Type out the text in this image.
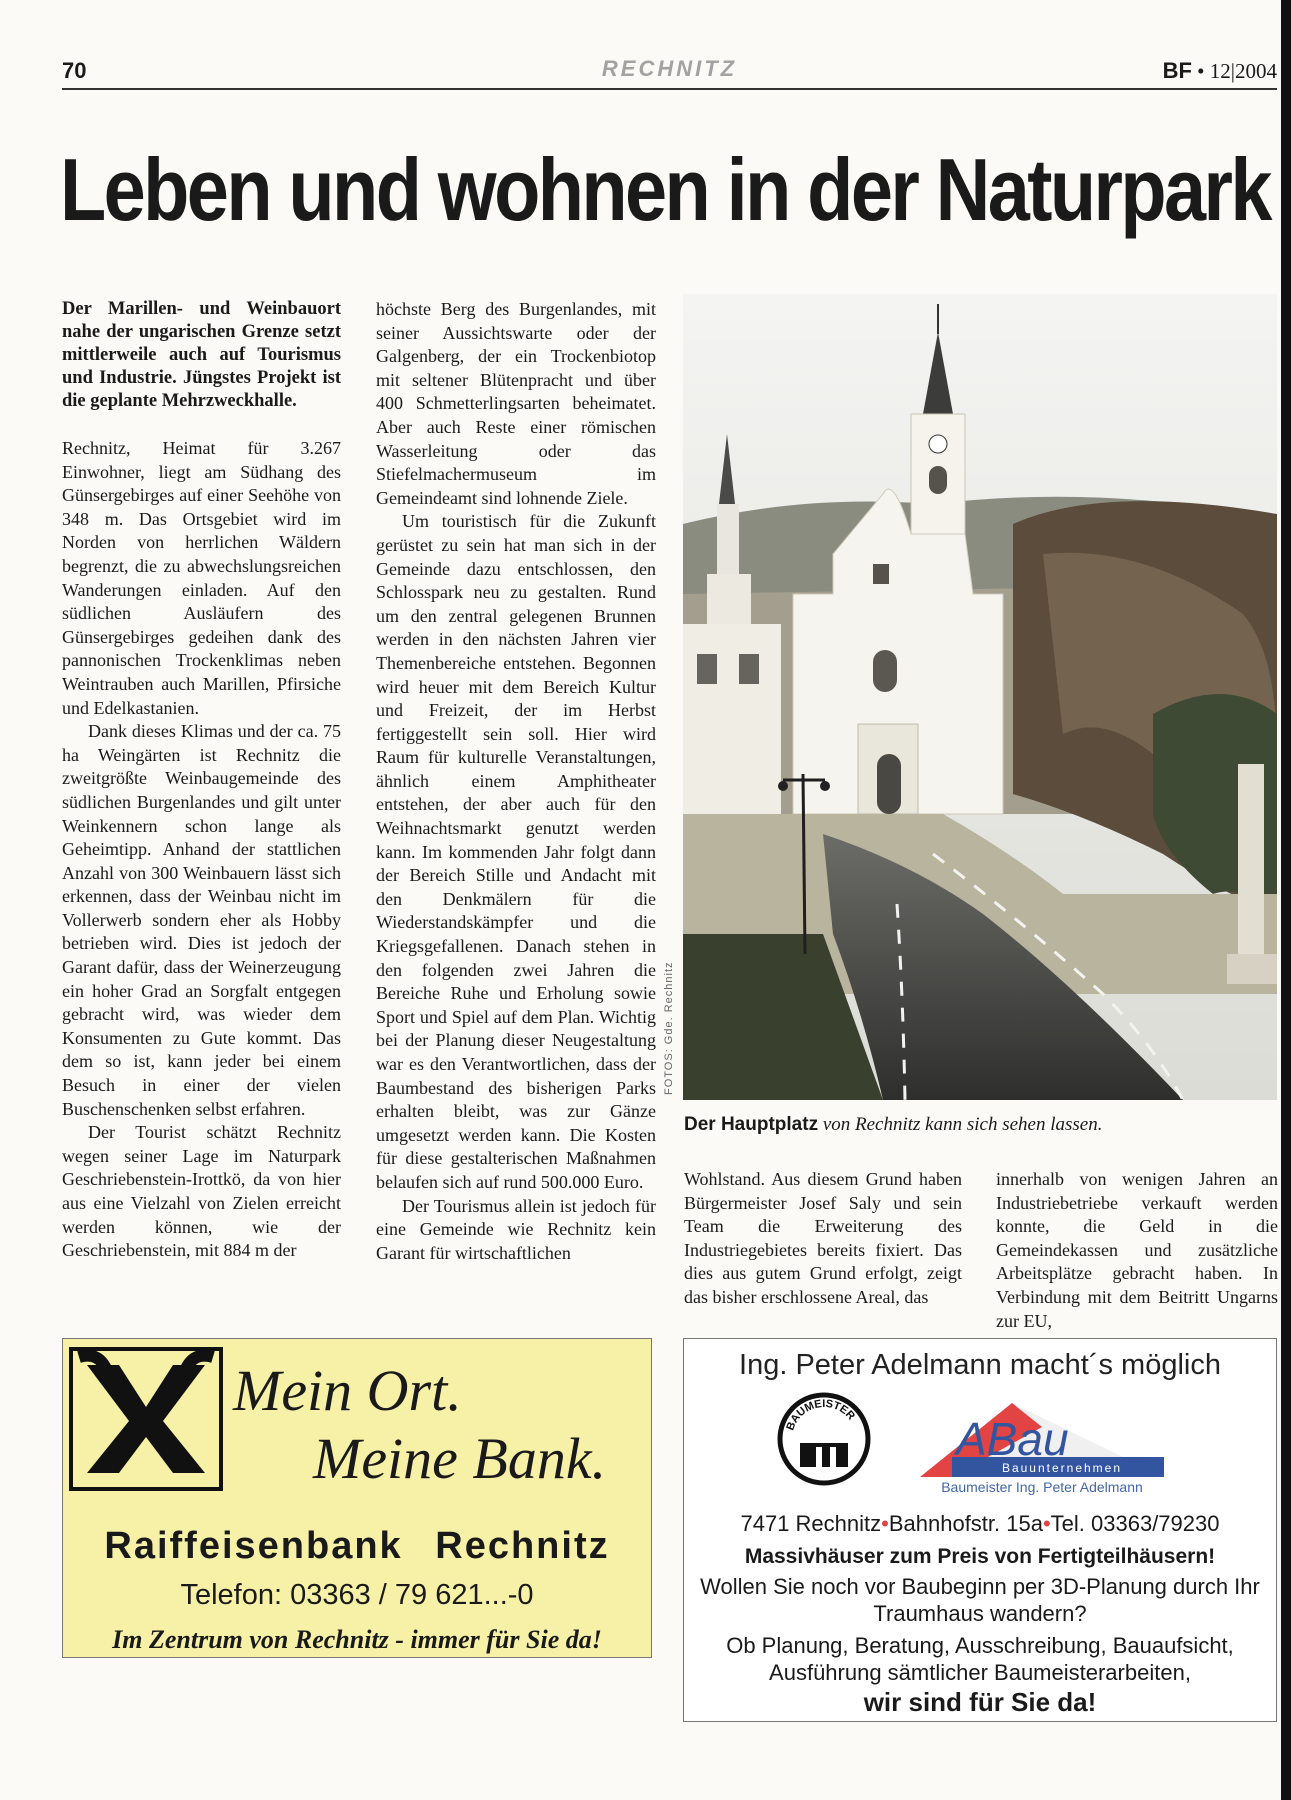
70	RECHNITZ	BF • 12|2004
Leben und wohnen in der Naturpark

Der Marillen- und Weinbauort nahe der ungarischen Grenze setzt mittlerweile auch auf Tourismus und Industrie. Jüngstes Projekt ist die geplante Mehrzweckhalle.

Rechnitz, Heimat für 3.267 Einwohner, liegt am Südhang des Günsergebirges auf einer Seehöhe von 348 m. Das Ortsgebiet wird im Norden von herrlichen Wäldern begrenzt, die zu abwechslungsreichen Wanderungen einladen. Auf den südlichen Ausläufern des Günsergebirges gedeihen dank des pannonischen Trockenklimas neben Weintrauben auch Marillen, Pfirsiche und Edelkastanien.

Dank dieses Klimas und der ca. 75 ha Weingärten ist Rechnitz die zweitgrößte Weinbaugemeinde des südlichen Burgenlandes und gilt unter Weinkennern schon lange als Geheimtipp. Anhand der stattlichen Anzahl von 300 Weinbauern lässt sich erkennen, dass der Weinbau nicht im Vollerwerb sondern eher als Hobby betrieben wird. Dies ist jedoch der Garant dafür, dass der Weinerzeugung ein hoher Grad an Sorgfalt entgegen gebracht wird, was wieder dem Konsumenten zu Gute kommt. Das dem so ist, kann jeder bei einem Besuch in einer der vielen Buschenschenken selbst erfahren.

Der Tourist schätzt Rechnitz wegen seiner Lage im Naturpark Geschriebenstein-Irottkö, da von hier aus eine Vielzahl von Zielen erreicht werden können, wie der Geschriebenstein, mit 884 m der

höchste Berg des Burgenlandes, mit seiner Aussichtswarte oder der Galgenberg, der ein Trockenbiotop mit seltener Blütenpracht und über 400 Schmetterlingsarten beheimatet. Aber auch Reste einer römischen Wasserleitung oder das Stiefelmachermuseum im Gemeindeamt sind lohnende Ziele.

Um touristisch für die Zukunft gerüstet zu sein hat man sich in der Gemeinde dazu entschlossen, den Schlosspark neu zu gestalten. Rund um den zentral gelegenen Brunnen werden in den nächsten Jahren vier Themenbereiche entstehen. Begonnen wird heuer mit dem Bereich Kultur und Freizeit, der im Herbst fertiggestellt sein soll. Hier wird Raum für kulturelle Veranstaltungen, ähnlich einem Amphitheater entstehen, der aber auch für den Weihnachtsmarkt genutzt werden kann. Im kommenden Jahr folgt dann der Bereich Stille und Andacht mit den Denkmälern für die Wiederstandskämpfer und die Kriegsgefallenen. Danach stehen in den folgenden zwei Jahren die Bereiche Ruhe und Erholung sowie Sport und Spiel auf dem Plan. Wichtig bei der Planung dieser Neugestaltung war es den Verantwortlichen, dass der Baumbestand des bisherigen Parks erhalten bleibt, was zur Gänze umgesetzt werden kann. Die Kosten für diese gestalterischen Maßnahmen belaufen sich auf rund 500.000 Euro.

Der Tourismus allein ist jedoch für eine Gemeinde wie Rechnitz kein Garant für wirtschaftlichen

FOTOS: Gde. Rechnitz
Der Hauptplatz von Rechnitz kann sich sehen lassen.

Wohlstand. Aus diesem Grund haben Bürgermeister Josef Saly und sein Team die Erweiterung des Industriegebietes bereits fixiert. Das dies aus gutem Grund erfolgt, zeigt das bisher erschlossene Areal, das

innerhalb von wenigen Jahren an Industriebetriebe verkauft werden konnte, die Geld in die Gemeindekassen und zusätzliche Arbeitsplätze gebracht haben. In Verbindung mit dem Beitritt Ungarns zur EU,

Mein Ort.
Meine Bank.
Raiffeisenbank Rechnitz
Telefon: 03363 / 79 621...-0
Im Zentrum von Rechnitz - immer für Sie da!
Ing. Peter Adelmann macht´s möglich
BAUMEISTER ABau
Bauunternehmen
Baumeister Ing. Peter Adelmann
7471 Rechnitz•Bahnhofstr. 15a•Tel. 03363/79230
Massivhäuser zum Preis von Fertigteilhäusern!
Wollen Sie noch vor Baubeginn per 3D-Planung durch Ihr Traumhaus wandern?
Ob Planung, Beratung, Ausschreibung, Bauaufsicht, Ausführung sämtlicher Baumeisterarbeiten,
wir sind für Sie da!
